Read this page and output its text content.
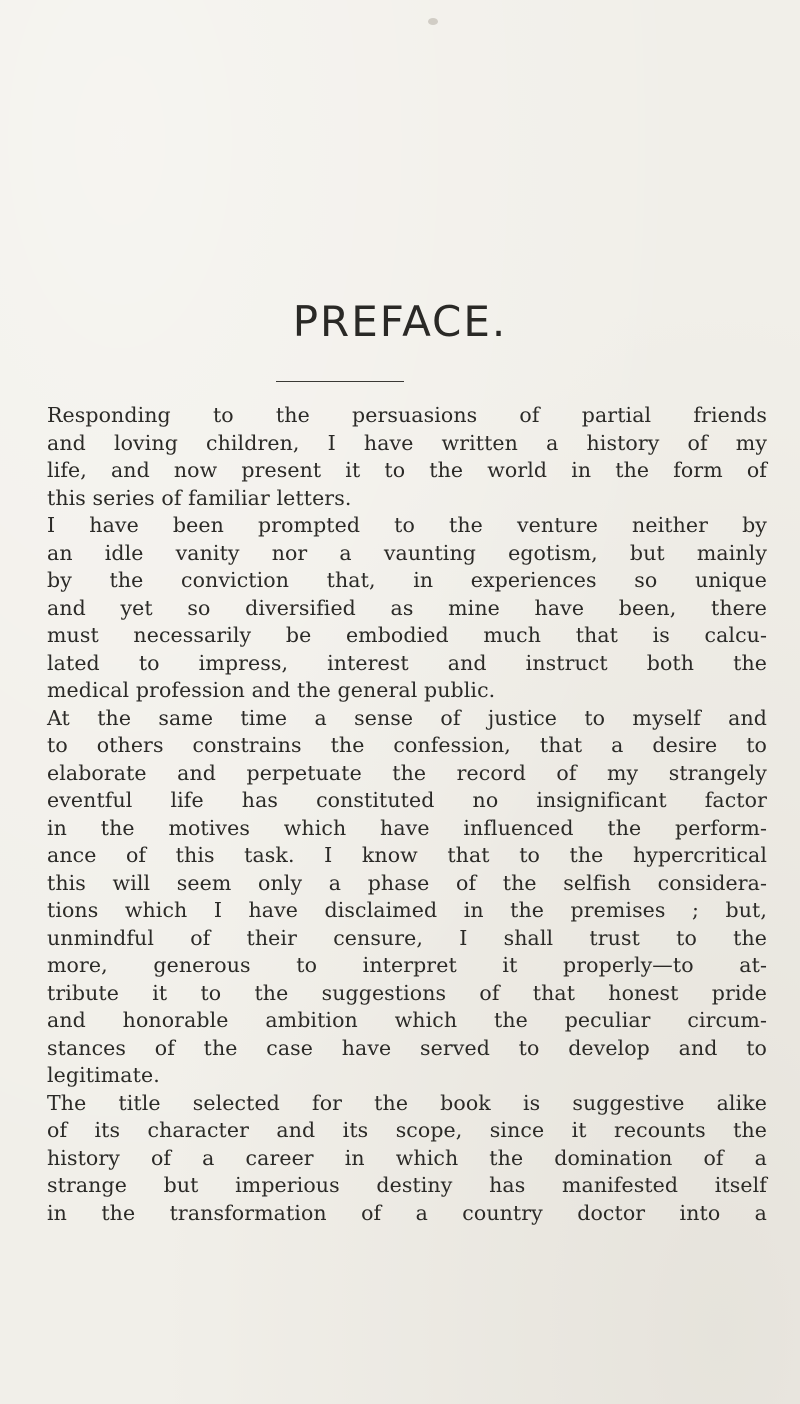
PREFACE.
Responding to the persuasions of partial friends
and loving children, I have written a history of my
life, and now present it to the world in the form of
this series of familiar letters.
I have been prompted to the venture neither by
an idle vanity nor a vaunting egotism, but mainly
by the conviction that, in experiences so unique
and yet so diversified as mine have been, there
must necessarily be embodied much that is calcu-
lated to impress, interest and instruct both the
medical profession and the general public.
At the same time a sense of justice to myself and
to others constrains the confession, that a desire to
elaborate and perpetuate the record of my strangely
eventful life has constituted no insignificant factor
in the motives which have influenced the perform-
ance of this task. I know that to the hypercritical
this will seem only a phase of the selfish considera-
tions which I have disclaimed in the premises ; but,
unmindful of their censure, I shall trust to the
more, generous to interpret it properly—to at-
tribute it to the suggestions of that honest pride
and honorable ambition which the peculiar circum-
stances of the case have served to develop and to
legitimate.
The title selected for the book is suggestive alike
of its character and its scope, since it recounts the
history of a career in which the domination of a
strange but imperious destiny has manifested itself
in the transformation of a country doctor into a
